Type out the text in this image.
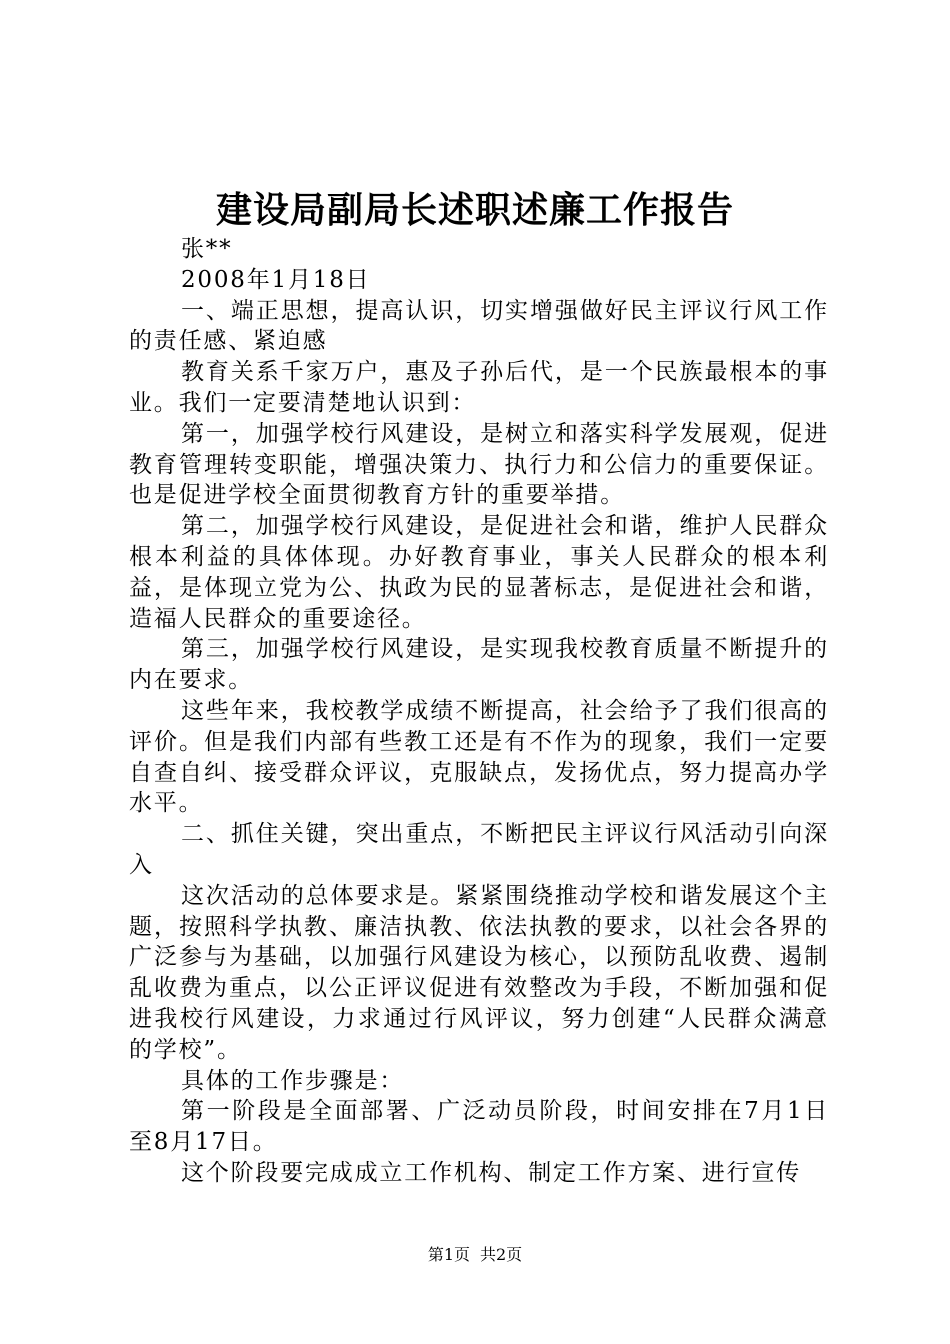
建设局副局长述职述廉工作报告

张**

2008年1月18日

一、端正思想，提高认识，切实增强做好民主评议行风工作的责任感、紧迫感

教育关系千家万户，惠及子孙后代，是一个民族最根本的事业。我们一定要清楚地认识到：

第一，加强学校行风建设，是树立和落实科学发展观，促进教育管理转变职能，增强决策力、执行力和公信力的重要保证。也是促进学校全面贯彻教育方针的重要举措。

第二，加强学校行风建设，是促进社会和谐，维护人民群众根本利益的具体体现。办好教育事业，事关人民群众的根本利益，是体现立党为公、执政为民的显著标志，是促进社会和谐，造福人民群众的重要途径。

第三，加强学校行风建设，是实现我校教育质量不断提升的内在要求。

这些年来，我校教学成绩不断提高，社会给予了我们很高的评价。但是我们内部有些教工还是有不作为的现象，我们一定要自查自纠、接受群众评议，克服缺点，发扬优点，努力提高办学水平。

二、抓住关键，突出重点，不断把民主评议行风活动引向深入

这次活动的总体要求是。紧紧围绕推动学校和谐发展这个主题，按照科学执教、廉洁执教、依法执教的要求，以社会各界的广泛参与为基础，以加强行风建设为核心，以预防乱收费、遏制乱收费为重点，以公正评议促进有效整改为手段，不断加强和促进我校行风建设，力求通过行风评议，努力创建“人民群众满意的学校”。

具体的工作步骤是：

第一阶段是全面部署、广泛动员阶段，时间安排在7月1日至8月17日。

这个阶段要完成成立工作机构、制定工作方案、进行宣传

第1页 共2页
